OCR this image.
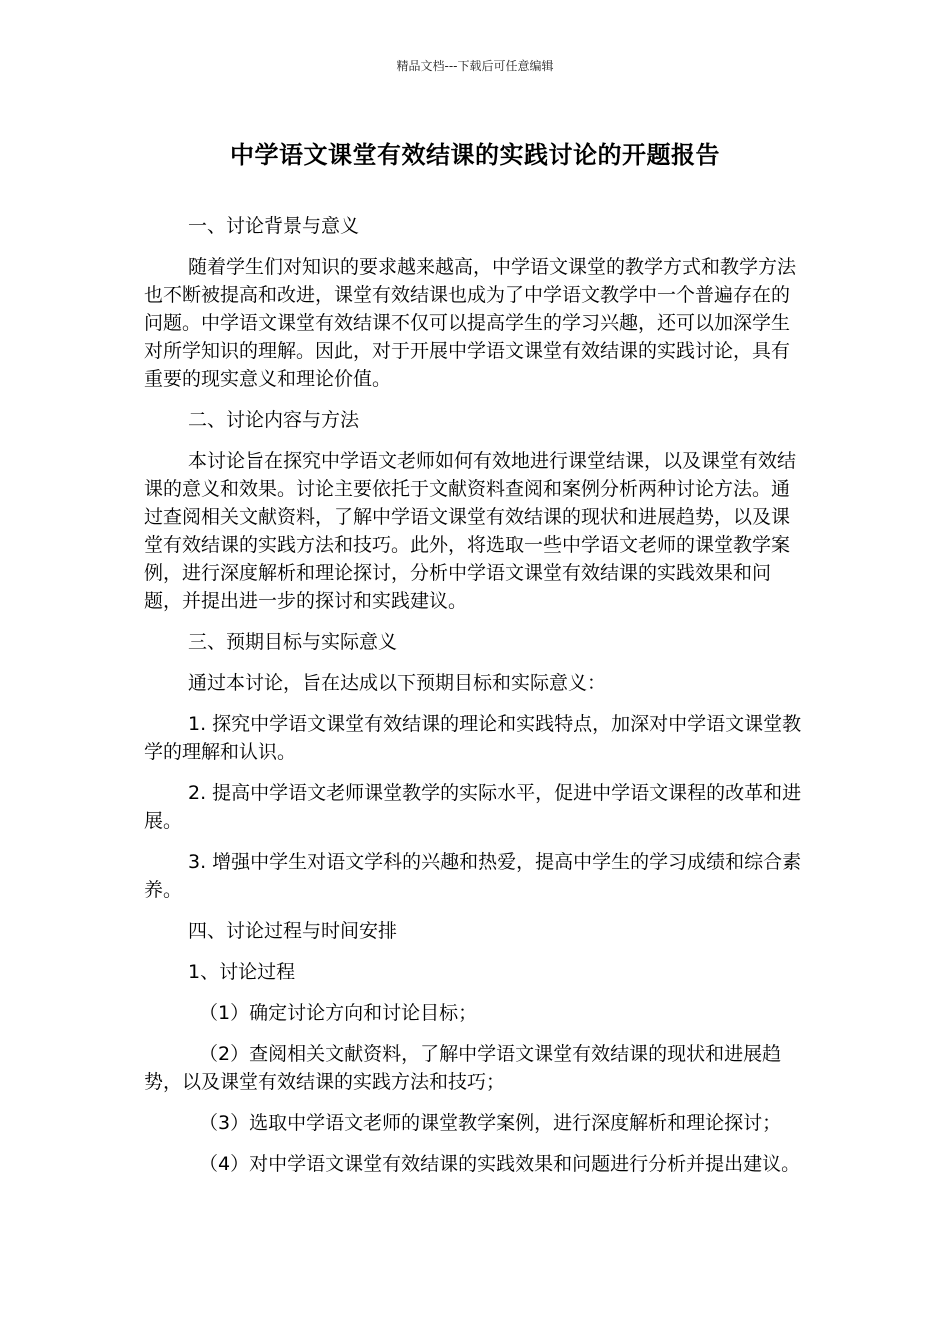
精品文档---下载后可任意编辑
中学语文课堂有效结课的实践讨论的开题报告

一、讨论背景与意义

随着学生们对知识的要求越来越高，中学语文课堂的教学方式和教学方法也不断被提高和改进，课堂有效结课也成为了中学语文教学中一个普遍存在的问题。中学语文课堂有效结课不仅可以提高学生的学习兴趣，还可以加深学生对所学知识的理解。因此，对于开展中学语文课堂有效结课的实践讨论，具有重要的现实意义和理论价值。

二、讨论内容与方法

本讨论旨在探究中学语文老师如何有效地进行课堂结课，以及课堂有效结课的意义和效果。讨论主要依托于文献资料查阅和案例分析两种讨论方法。通过查阅相关文献资料，了解中学语文课堂有效结课的现状和进展趋势，以及课堂有效结课的实践方法和技巧。此外，将选取一些中学语文老师的课堂教学案例，进行深度解析和理论探讨，分析中学语文课堂有效结课的实践效果和问题，并提出进一步的探讨和实践建议。

三、预期目标与实际意义

通过本讨论，旨在达成以下预期目标和实际意义：

1. 探究中学语文课堂有效结课的理论和实践特点，加深对中学语文课堂教学的理解和认识。

2. 提高中学语文老师课堂教学的实际水平，促进中学语文课程的改革和进展。

3. 增强中学生对语文学科的兴趣和热爱，提高中学生的学习成绩和综合素养。

四、讨论过程与时间安排

1、讨论过程

（1）确定讨论方向和讨论目标；

（2）查阅相关文献资料，了解中学语文课堂有效结课的现状和进展趋势，以及课堂有效结课的实践方法和技巧；

（3）选取中学语文老师的课堂教学案例，进行深度解析和理论探讨；

（4）对中学语文课堂有效结课的实践效果和问题进行分析并提出建议。
